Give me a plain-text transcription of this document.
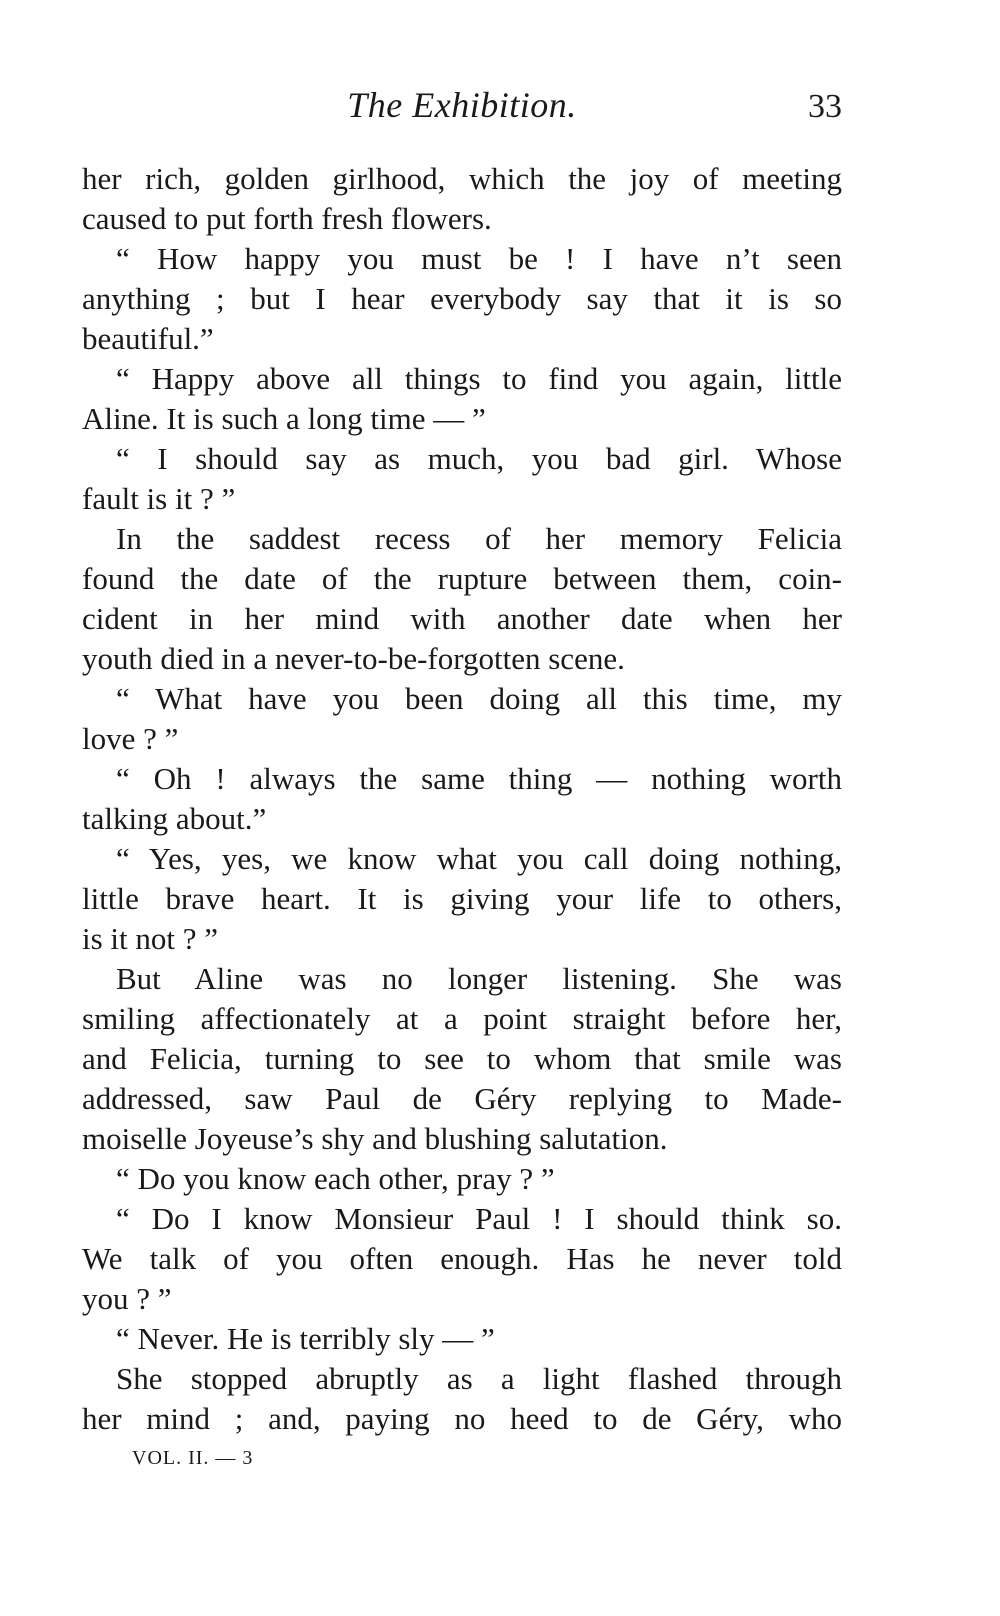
The Exhibition.	33
her rich, golden girlhood, which the joy of meeting
caused to put forth fresh flowers.
“ How happy you must be ! I have n’t seen
anything ; but I hear everybody say that it is so
beautiful.”
“ Happy above all things to find you again, little
Aline. It is such a long time — ”
“ I should say as much, you bad girl. Whose
fault is it ? ”
In the saddest recess of her memory Felicia
found the date of the rupture between them, coin-
cident in her mind with another date when her
youth died in a never-to-be-forgotten scene.
“ What have you been doing all this time, my
love ? ”
“ Oh ! always the same thing — nothing worth
talking about.”
“ Yes, yes, we know what you call doing nothing,
little brave heart. It is giving your life to others,
is it not ? ”
But Aline was no longer listening. She was
smiling affectionately at a point straight before her,
and Felicia, turning to see to whom that smile was
addressed, saw Paul de Géry replying to Made-
moiselle Joyeuse’s shy and blushing salutation.
“ Do you know each other, pray ? ”
“ Do I know Monsieur Paul ! I should think so.
We talk of you often enough. Has he never told
you ? ”
“ Never. He is terribly sly — ”
She stopped abruptly as a light flashed through
her mind ; and, paying no heed to de Géry, who
VOL. II. — 3
